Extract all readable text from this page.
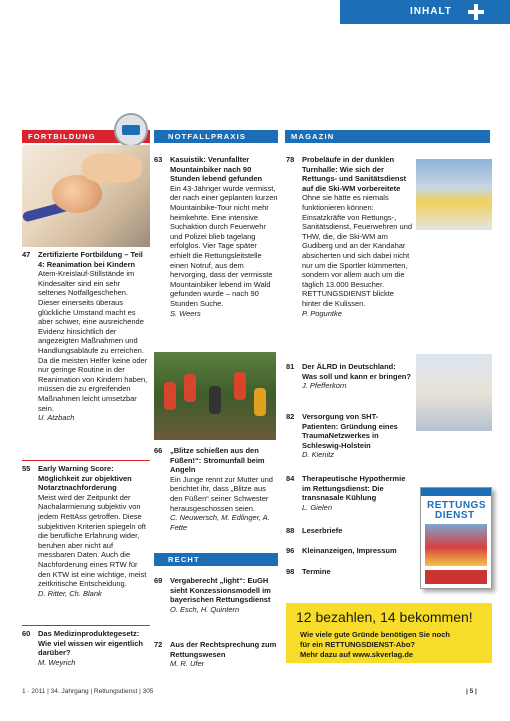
INHALT
FORTBILDUNG	NOTFALLPRAXIS	MAGAZIN
RECHT
47	Zertifizierte Fortbildung – Teil 4: Reanimation bei Kindern
Atem-Kreislauf-Stillstände im Kindesalter sind ein sehr seltenes Notfallgeschehen. Dieser einerseits überaus glückliche Umstand macht es aber schwer, eine ausreichende Evidenz hinsichtlich der angezeigten Maßnahmen und Handlungsabläufe zu erreichen. Da die meisten Helfer keine oder nur geringe Routine in der Reanimation von Kindern haben, müssen die zu ergreifenden Maßnahmen leicht umsetzbar sein.
U. Atzbach
55	Early Warning Score: Möglichkeit zur objektiven Notarztnachforderung
Meist wird der Zeitpunkt der Nachalarmierung subjektiv von jedem RettAss getroffen. Diese subjektiven Kriterien spiegeln oft die berufliche Erfahrung wider, beruhen aber nicht auf messbaren Daten. Auch die Nachforderung eines RTW für den KTW ist eine wichtige, meist zeitkritische Entscheidung.
D. Ritter, Ch. Blank
60	Das Medizinproduktegesetz: Wie viel wissen wir eigentlich darüber?
M. Weyrich
63	Kasuistik: Verunfallter Mountainbiker nach 90 Stunden lebend gefunden
Ein 43-Jähriger wurde vermisst, der nach einer geplanten kurzen Mountainbike-Tour nicht mehr heimkehrte. Eine intensive Suchaktion durch Feuerwehr und Polizei blieb tagelang erfolglos. Vier Tage später erhielt die Rettungsleitstelle einen Notruf, aus dem hervorging, dass der vermisste Mountainbiker lebend im Wald gefunden wurde – nach 90 Stunden Suche.
S. Weers
66	„Blitze schießen aus den Füßen!“: Stromunfall beim Angeln
Ein Junge rennt zur Mutter und berichtet ihr, dass „Blitze aus den Füßen“ seiner Schwester herausgeschossen seien.
C. Neuwersch, M. Edlinger, A. Fette
69	Vergaberecht „light“: EuGH sieht Konzessionsmodell im bayerischen Rettungsdienst
O. Esch, H. Quintern
72	Aus der Rechtsprechung zum Rettungswesen
M. R. Ufer
78	Probeläufe in der dunklen Turnhalle: Wie sich der Rettungs- und Sanitätsdienst auf die Ski-WM vorbereitete
Ohne sie hätte es niemals funktionieren können: Einsatzkräfte von Rettungs-, Sanitätsdienst, Feuerwehren und THW, die, die Ski-WM am Gudiberg und an der Kandahar absicherten und sich dabei nicht nur um die Sportler kümmerten, sondern vor allem auch um die täglich 13.000 Besucher. RETTUNGSDIENST blickte hinter die Kulissen.
P. Poguntke
81	Der ÄLRD in Deutschland: Was soll und kann er bringen?
J. Pfefferkorn
82	Versorgung von SHT-Patienten: Gründung eines TraumaNetzwerkes in Schleswig-Holstein
D. Kienitz
84	Therapeutische Hypothermie im Rettungsdienst: Die transnasale Kühlung
L. Gielen
88	Leserbriefe
96	Kleinanzeigen, Impressum
98	Termine
RETTUNGS
DIENST
12 bezahlen, 14 bekommen!
Wie viele gute Gründe benötigen Sie noch
für ein RETTUNGSDIENST-Abo?
Mehr dazu auf www.skverlag.de
1 · 2011 | 34. Jahrgang | Rettungsdienst | 305	| 5 |
